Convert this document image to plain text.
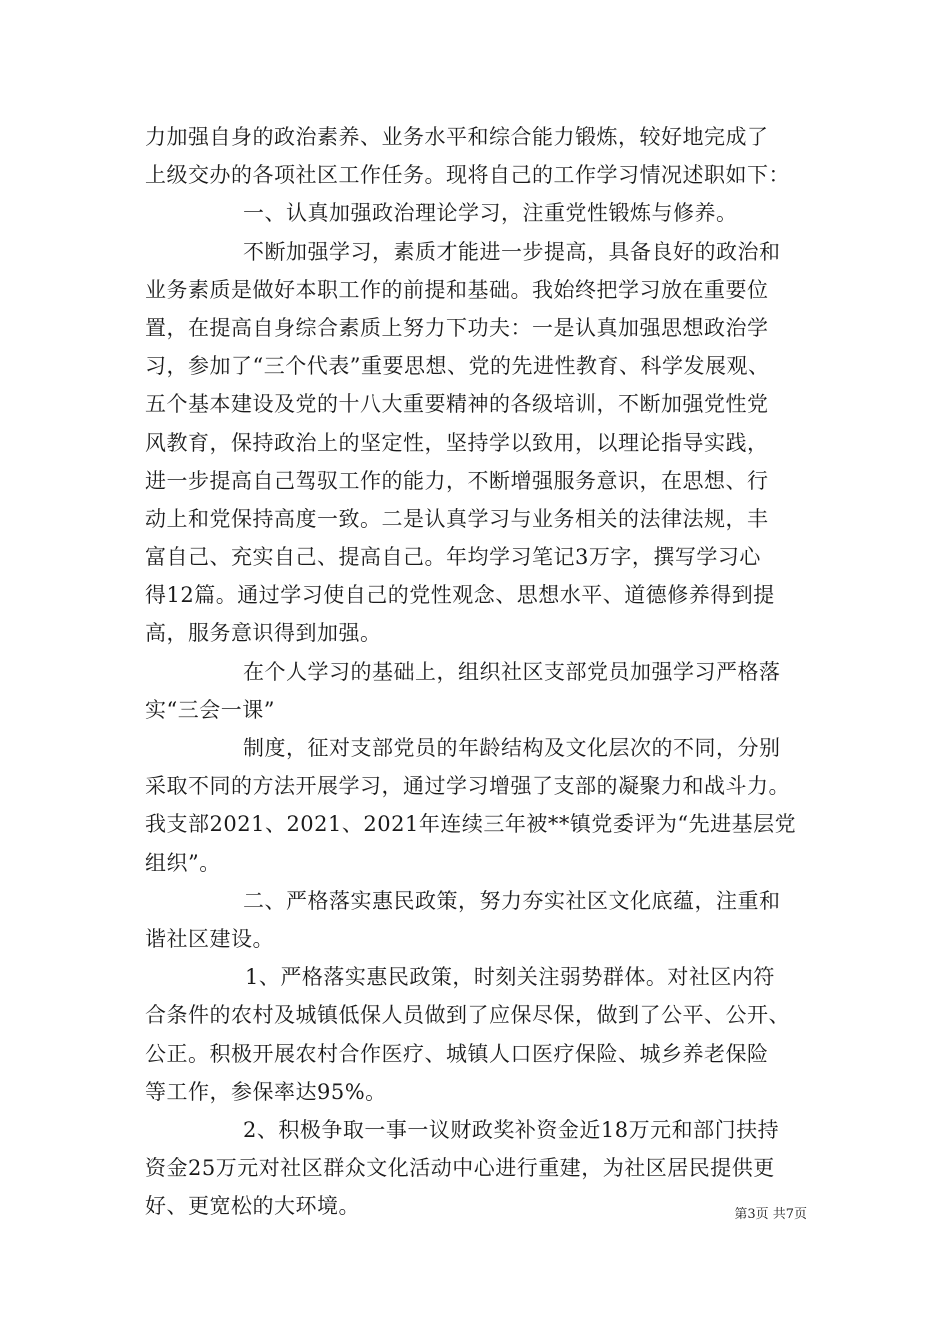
力加强自身的政治素养、业务水平和综合能力锻炼，较好地完成了
上级交办的各项社区工作任务。现将自己的工作学习情况述职如下：
一、认真加强政治理论学习，注重党性锻炼与修养。
不断加强学习，素质才能进一步提高，具备良好的政治和
业务素质是做好本职工作的前提和基础。我始终把学习放在重要位
置，在提高自身综合素质上努力下功夫：一是认真加强思想政治学
习，参加了“三个代表”重要思想、党的先进性教育、科学发展观、
五个基本建设及党的十八大重要精神的各级培训，不断加强党性党
风教育，保持政治上的坚定性，坚持学以致用，以理论指导实践，
进一步提高自己驾驭工作的能力，不断增强服务意识，在思想、行
动上和党保持高度一致。二是认真学习与业务相关的法律法规，丰
富自己、充实自己、提高自己。年均学习笔记3万字，撰写学习心
得12篇。通过学习使自己的党性观念、思想水平、道德修养得到提
高，服务意识得到加强。
在个人学习的基础上，组织社区支部党员加强学习严格落
实“三会一课”
制度，征对支部党员的年龄结构及文化层次的不同，分别
采取不同的方法开展学习，通过学习增强了支部的凝聚力和战斗力。
我支部2021、2021、2021年连续三年被**镇党委评为“先进基层党
组织”。
二、严格落实惠民政策，努力夯实社区文化底蕴，注重和
谐社区建设。
1、严格落实惠民政策，时刻关注弱势群体。对社区内符
合条件的农村及城镇低保人员做到了应保尽保，做到了公平、公开、
公正。积极开展农村合作医疗、城镇人口医疗保险、城乡养老保险
等工作，参保率达95%。
2、积极争取一事一议财政奖补资金近18万元和部门扶持
资金25万元对社区群众文化活动中心进行重建，为社区居民提供更
好、更宽松的大环境。	第3页 共7页
